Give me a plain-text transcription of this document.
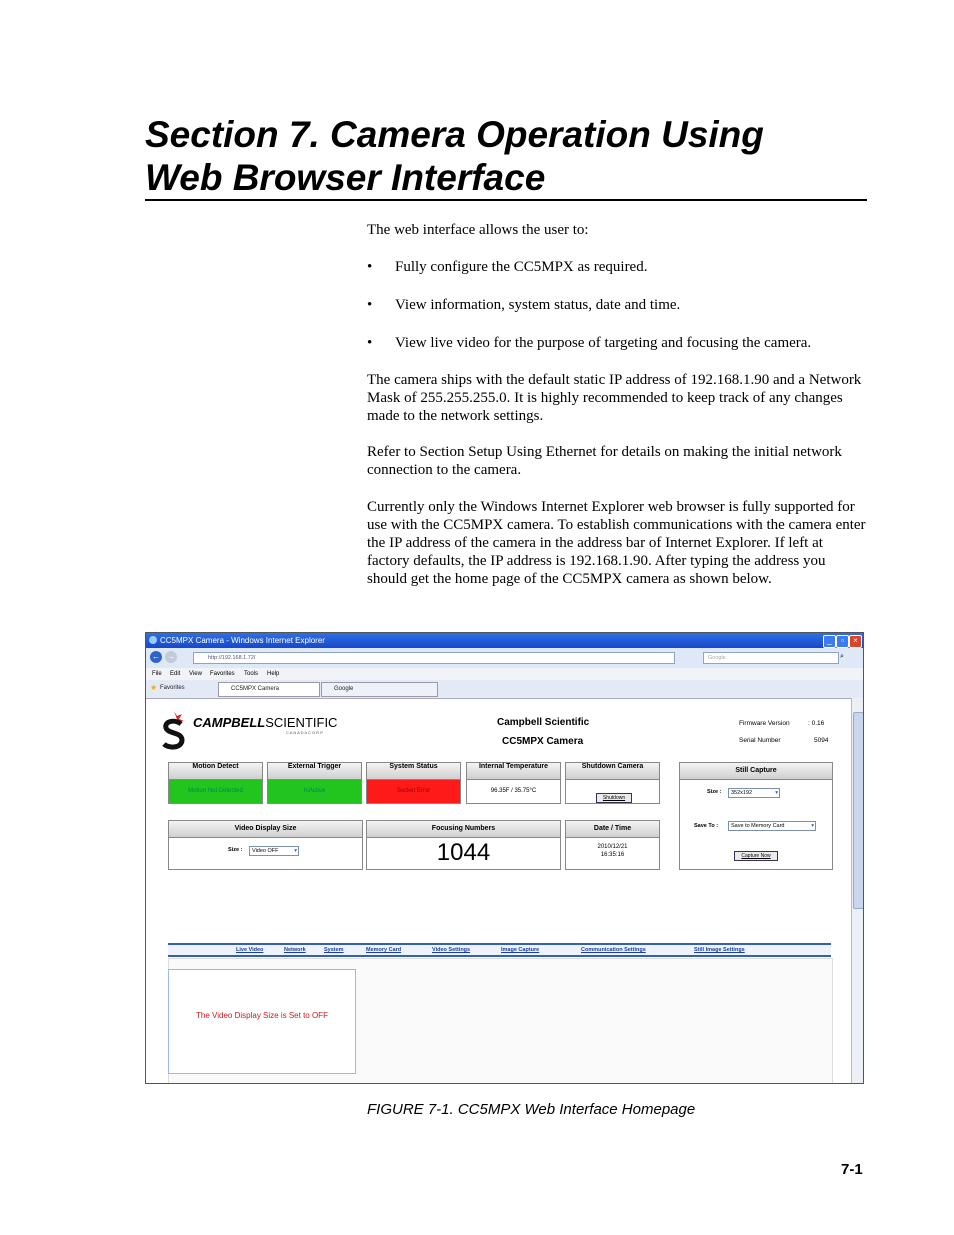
Section 7. Camera Operation Using
Web Browser Interface
The web interface allows the user to:
• Fully configure the CC5MPX as required.
• View information, system status, date and time.
• View live video for the purpose of targeting and focusing the camera.
The camera ships with the default static IP address of 192.168.1.90 and a Network Mask of 255.255.255.0. It is highly recommended to keep track of any changes made to the network settings.
Refer to Section Setup Using Ethernet for details on making the initial network connection to the camera.
Currently only the Windows Internet Explorer web browser is fully supported for use with the CC5MPX camera. To establish communications with the camera enter the IP address of the camera in the address bar of Internet Explorer. If left at factory defaults, the IP address is 192.168.1.90. After typing the address you should get the home page of the CC5MPX camera as shown below.
CC5MPX Camera - Windows Internet Explorer	_	▫	×
← →	http://192.168.1.72/	Google	⌕
File Edit View Favorites Tools Help
★ Favorites	CC5MPX Camera	Google
CAMPBELLSCIENTIFIC
C A N A D A C O R P.
Campbell Scientific
CC5MPX Camera
Firmware Version	: 0.16
Serial Number	5094
Motion Detect
Motion Not Detected
External Trigger
InActive
System Status
Socket Error
Internal Temperature
96.35F / 35.75°C
Shutdown Camera
Shutdown
Still Capture
Size :	352x192	▾
Save To :	Save to Memory Card	▾
Capture Now
Video Display Size
Size :	Video OFF	▾
Focusing Numbers
1044
Date / Time
2010/12/21
16:35:16
Live Video	Network	System	Memory Card	Video Settings	Image Capture	Communication Settings	Still Image Settings
The Video Display Size is Set to OFF
FIGURE 7-1. CC5MPX Web Interface Homepage
7-1
